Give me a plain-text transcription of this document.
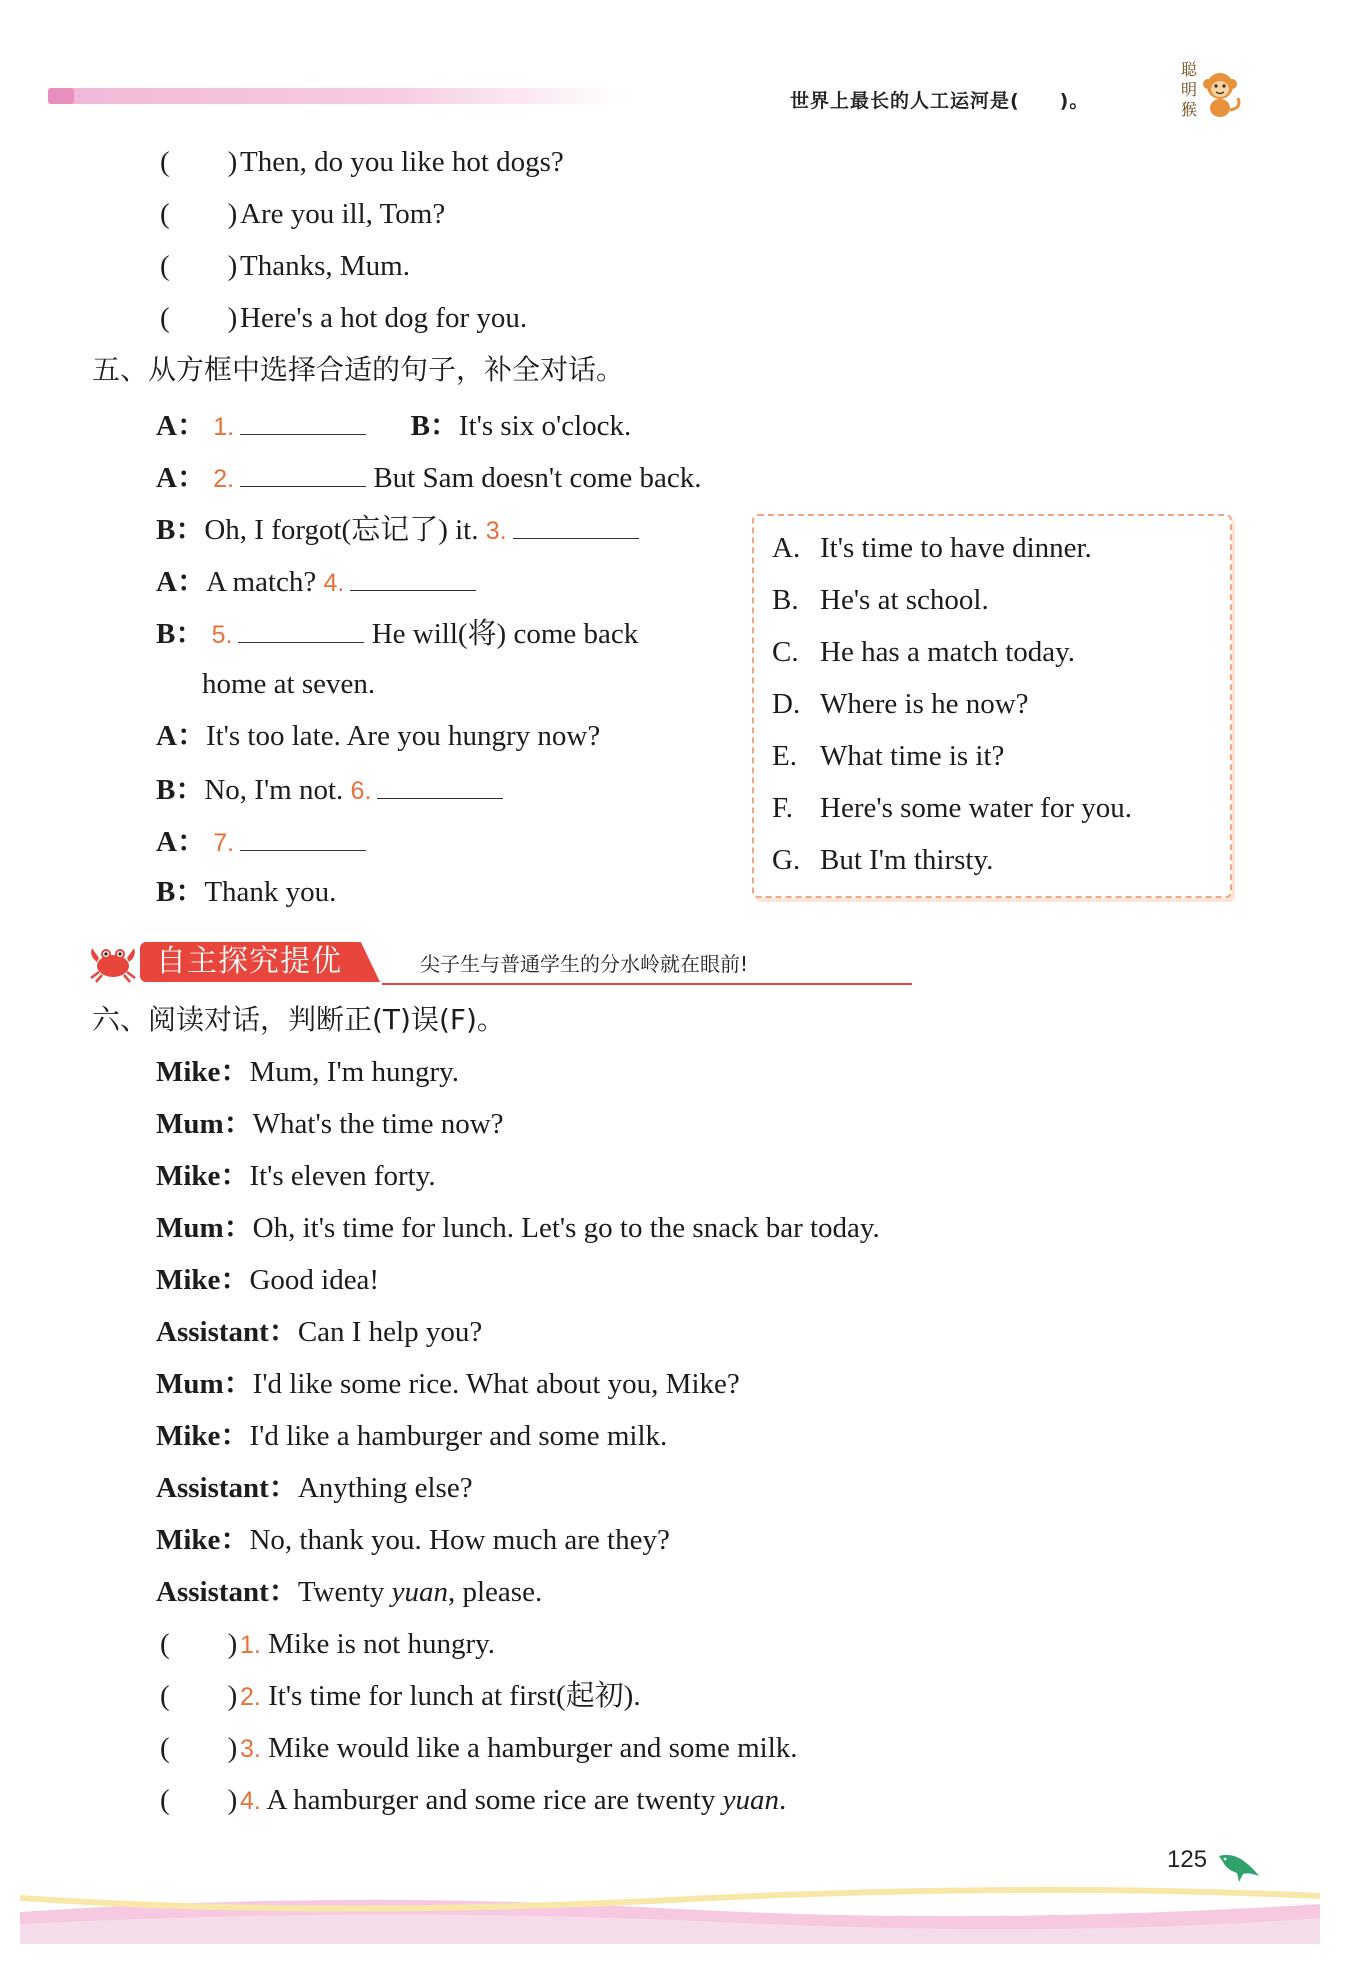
世界上最长的人工运河是(　　)。
聪
明
猴
(　　)Then, do you like hot dogs?
(　　)Are you ill, Tom?
(　　)Thanks, Mum.
(　　)Here's a hot dog for you.
五、从方框中选择合适的句子，补全对话。
A： 1.	B：It's six o'clock.
A： 2.	But Sam doesn't come back.
B：Oh, I forgot(忘记了) it. 3.
A：A match? 4.
B： 5.	He will(将) come back
home at seven.
A：It's too late. Are you hungry now?
B：No, I'm not. 6.
A： 7.
B：Thank you.
A. It's time to have dinner.
B. He's at school.
C. He has a match today.
D. Where is he now?
E. What time is it?
F. Here's some water for you.
G. But I'm thirsty.
自主探究提优	尖子生与普通学生的分水岭就在眼前!
六、阅读对话，判断正(T)误(F)。
Mike：Mum, I'm hungry.
Mum：What's the time now?
Mike：It's eleven forty.
Mum：Oh, it's time for lunch. Let's go to the snack bar today.
Mike：Good idea!
Assistant：Can I help you?
Mum：I'd like some rice. What about you, Mike?
Mike：I'd like a hamburger and some milk.
Assistant：Anything else?
Mike：No, thank you. How much are they?
Assistant：Twenty yuan, please.
(　　) 1. Mike is not hungry.
(　　) 2. It's time for lunch at first(起初).
(　　) 3. Mike would like a hamburger and some milk.
(　　) 4. A hamburger and some rice are twenty yuan.
125
